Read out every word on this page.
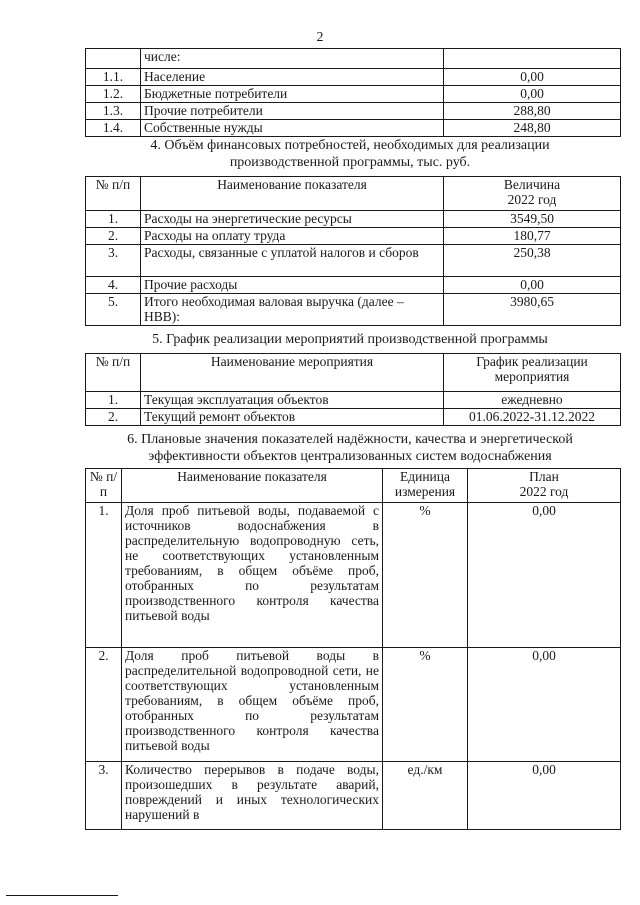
2
	числе:	
1.1.	Население	0,00
1.2.	Бюджетные потребители	0,00
1.3.	Прочие потребители	288,80
1.4.	Собственные нужды	248,80
4. Объём финансовых потребностей, необходимых для реализации
производственной программы, тыс. руб.
№ п/п	Наименование показателя	Величина
2022 год

1.	Расходы на энергетические ресурсы	3549,50
2.	Расходы на оплату труда	180,77
3.	Расходы, связанные с уплатой налогов и сборов	250,38
4.	Прочие расходы	0,00
5.	Итого необходимая валовая выручка (далее – НВВ):	3980,65
5. График реализации мероприятий производственной программы
№ п/п	Наименование мероприятия	График реализации мероприятия
1.	Текущая эксплуатация объектов	ежедневно
2.	Текущий ремонт объектов	01.06.2022-31.12.2022
6. Плановые значения показателей надёжности, качества и энергетической
эффективности объектов централизованных систем водоснабжения
№ п/п	Наименование показателя	Единица измерения	План
2022 год

1.	Доля проб питьевой воды, подаваемой с источников водоснабжения в распределительную водопроводную сеть, не соответствующих установленным требованиям, в общем объёме проб, отобранных по результатам производственного контроля качества питьевой воды	%	0,00
2.	Доля проб питьевой воды в распределительной водопроводной сети, не соответствующих установленным требованиям, в общем объёме проб, отобранных по результатам производственного контроля качества питьевой воды	%	0,00
3.	Количество перерывов в подаче воды, произошедших в результате аварий, повреждений и иных технологических нарушений в	ед./км	0,00
